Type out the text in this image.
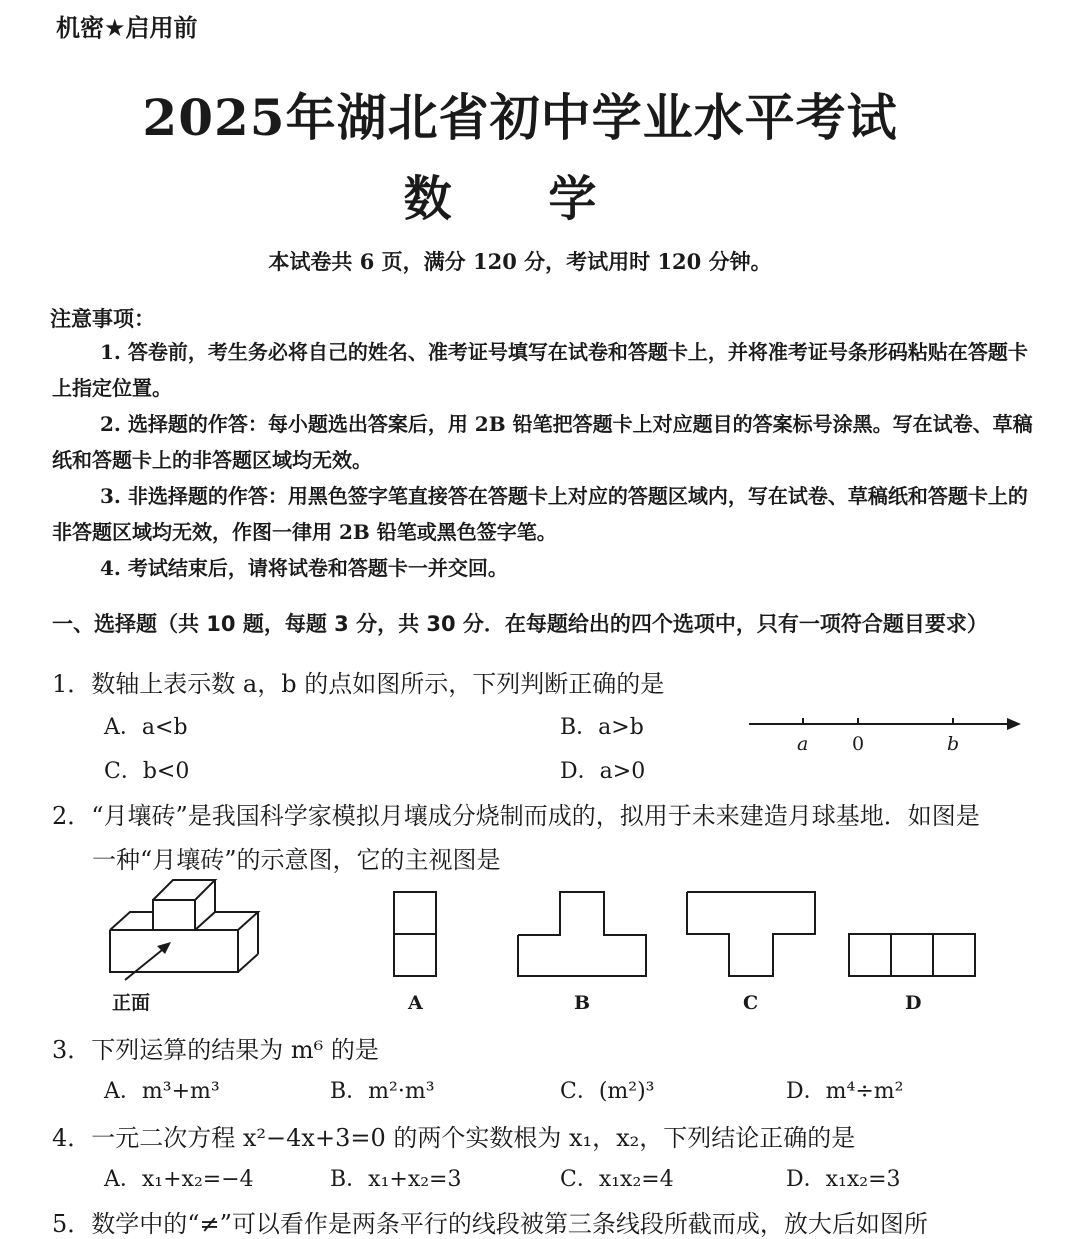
机密★启用前
2025年湖北省初中学业水平考试
数 学
本试卷共 6 页，满分 120 分，考试用时 120 分钟。
注意事项：

1. 答卷前，考生务必将自己的姓名、准考证号填写在试卷和答题卡上，并将准考证号条形码粘贴在答题卡上指定位置。

2. 选择题的作答：每小题选出答案后，用 2B 铅笔把答题卡上对应题目的答案标号涂黑。写在试卷、草稿纸和答题卡上的非答题区域均无效。

3. 非选择题的作答：用黑色签字笔直接答在答题卡上对应的答题区域内，写在试卷、草稿纸和答题卡上的非答题区域均无效，作图一律用 2B 铅笔或黑色签字笔。

4. 考试结束后，请将试卷和答题卡一并交回。

一、选择题（共 10 题，每题 3 分，共 30 分．在每题给出的四个选项中，只有一项符合题目要求）
1．数轴上表示数 a，b 的点如图所示，下列判断正确的是
A．a<b	B．a>b
C．b<0	D．a>0
a 0	b
2．“月壤砖”是我国科学家模拟月壤成分烧制而成的，拟用于未来建造月球基地．如图是
一种“月壤砖”的示意图，它的主视图是
正面	A	B	C	D
3．下列运算的结果为 m⁶ 的是
A．m³+m³	B．m²·m³	C．(m²)³	D．m⁴÷m²
4．一元二次方程 x²−4x+3=0 的两个实数根为 x₁，x₂，下列结论正确的是
A．x₁+x₂=−4	B．x₁+x₂=3	C．x₁x₂=4	D．x₁x₂=3
5．数学中的“≠”可以看作是两条平行的线段被第三条线段所截而成，放大后如图所
